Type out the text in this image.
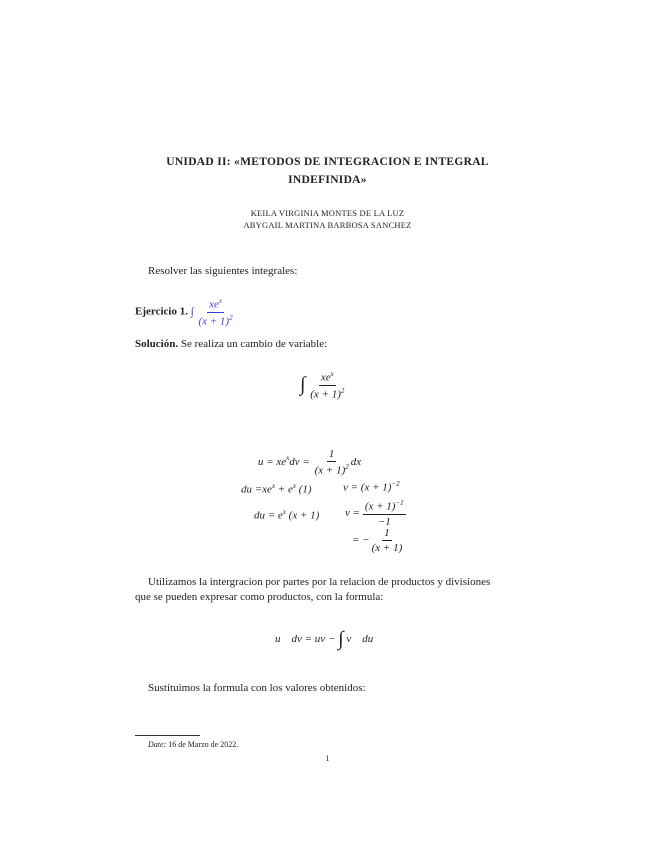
UNIDAD II: «METODOS DE INTEGRACION E INTEGRAL
INDEFINIDA»
KEILA VIRGINIA MONTES DE LA LUZ
ABYGAIL MARTINA BARBOSA SANCHEZ
Resolver las siguientes integrales:
Ejercicio 1. ∫ $\frac{xe^x}{(x + 1)^2}$
Solución. Se realiza un cambio de variable:
∫ $\frac{xe^x}{(x + 1)^2}$
$u = xe^xdv = \frac{1}{(x + 1)^2}$ dx
du $=xe^x + e^x$ (1)	$v = (x + 1)^{-2}$
du = $e^x$ (x + 1) $v = \frac{(x + 1)^{-1}}{-1}$
= − $\frac{1}{(x + 1)}$
Utilizamos la intergracion por partes por la relacion de productos y divisiones
que se pueden expresar como productos, con la formula:
u    dv = uv − ∫ v    du
Sustituimos la formula con los valores obtenidos:
Date: 16 de Marzo de 2022.
1
